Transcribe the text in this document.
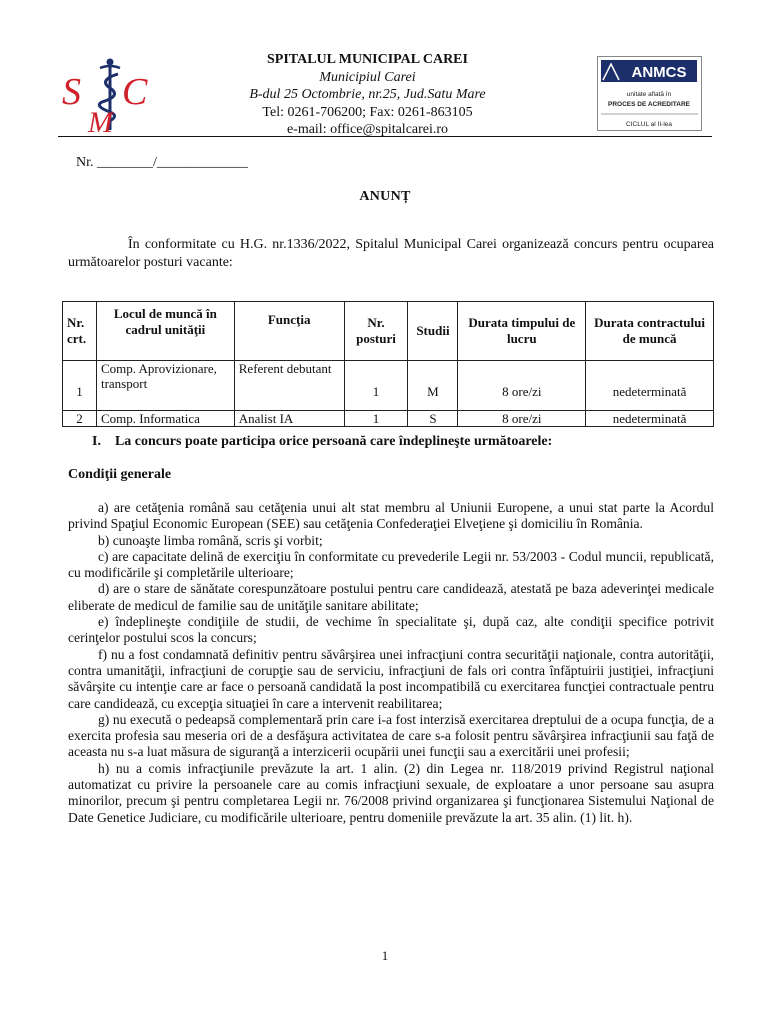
S C
M
SPITALUL MUNICIPAL CAREI
Municipiul Carei
B-dul 25 Octombrie, nr.25, Jud.Satu Mare
Tel: 0261-706200; Fax: 0261-863105
e-mail: office@spitalcarei.ro
ANMCS
unitate aflată în
PROCES DE ACREDITARE
CICLUL al II-lea
Nr. ________/_____________
ANUNȚ
În conformitate cu H.G. nr.1336/2022, Spitalul Municipal Carei organizează concurs pentru ocuparea următoarelor posturi vacante:
Nr. crt.	Locul de muncă în cadrul unităţii	Funcţia	Nr. posturi	Studii	Durata timpului de lucru	Durata contractului de muncă
1	Comp. Aprovizionare, transport	Referent debutant	1	M	8 ore/zi	nedeterminată
2	Comp. Informatica	Analist IA	1	S	8 ore/zi	nedeterminată
I. La concurs poate participa orice persoană care îndeplineşte următoarele:
Condiţii generale

a) are cetăţenia română sau cetăţenia unui alt stat membru al Uniunii Europene, a unui stat parte la Acordul privind Spaţiul Economic European (SEE) sau cetăţenia Confederaţiei Elveţiene şi domiciliu în România.

b) cunoaşte limba română, scris şi vorbit;

c) are capacitate delină de exerciţiu în conformitate cu prevederile Legii nr. 53/2003 - Codul muncii, republicată, cu modificările şi completările ulterioare;

d) are o stare de sănătate corespunzătoare postului pentru care candidează, atestată pe baza adeverinţei medicale eliberate de medicul de familie sau de unităţile sanitare abilitate;

e) îndeplineşte condiţiile de studii, de vechime în specialitate şi, după caz, alte condiţii specifice potrivit cerinţelor postului scos la concurs;

f) nu a fost condamnată definitiv pentru săvârşirea unei infracţiuni contra securităţii naţionale, contra autorităţii, contra umanităţii, infracţiuni de corupţie sau de serviciu, infracţiuni de fals ori contra înfăptuirii justiţiei, infracţiuni săvârşite cu intenţie care ar face o persoană candidată la post incompatibilă cu exercitarea funcţiei contractuale pentru care candidează, cu excepţia situaţiei în care a intervenit reabilitarea;

g) nu execută o pedeapsă complementară prin care i-a fost interzisă exercitarea dreptului de a ocupa funcţia, de a exercita profesia sau meseria ori de a desfăşura activitatea de care s-a folosit pentru săvârşirea infracţiunii sau faţă de aceasta nu s-a luat măsura de siguranţă a interzicerii ocupării unei funcţii sau a exercitării unei profesii;

h) nu a comis infracţiunile prevăzute la art. 1 alin. (2) din Legea nr. 118/2019 privind Registrul naţional automatizat cu privire la persoanele care au comis infracţiuni sexuale, de exploatare a unor persoane sau asupra minorilor, precum şi pentru completarea Legii nr. 76/2008 privind organizarea şi funcţionarea Sistemului Naţional de Date Genetice Judiciare, cu modificările ulterioare, pentru domeniile prevăzute la art. 35 alin. (1) lit. h).

1
